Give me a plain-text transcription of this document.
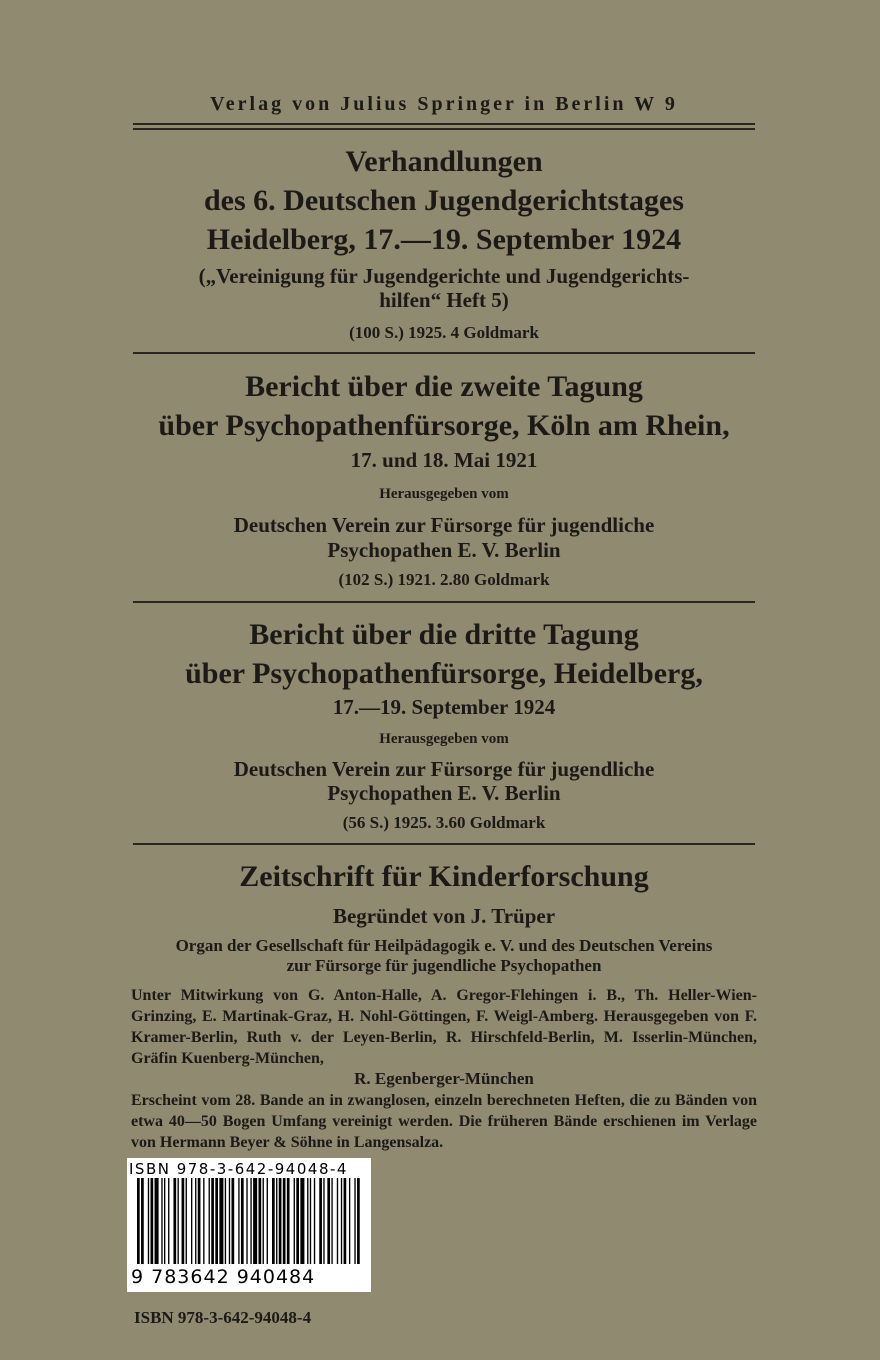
Verlag von Julius Springer in Berlin W 9
Verhandlungen
des 6. Deutschen Jugendgerichtstages
Heidelberg, 17.—19. September 1924
(„Vereinigung für Jugendgerichte und Jugendgerichts-
hilfen“ Heft 5)
(100 S.) 1925. 4 Goldmark
Bericht über die zweite Tagung
über Psychopathenfürsorge, Köln am Rhein,
17. und 18. Mai 1921
Herausgegeben vom
Deutschen Verein zur Fürsorge für jugendliche
Psychopathen E. V. Berlin
(102 S.) 1921. 2.80 Goldmark
Bericht über die dritte Tagung
über Psychopathenfürsorge, Heidelberg,
17.—19. September 1924
Herausgegeben vom
Deutschen Verein zur Fürsorge für jugendliche
Psychopathen E. V. Berlin
(56 S.) 1925. 3.60 Goldmark
Zeitschrift für Kinderforschung
Begründet von J. Trüper
Organ der Gesellschaft für Heilpädagogik e. V. und des Deutschen Vereins
zur Fürsorge für jugendliche Psychopathen
Unter Mitwirkung von G. Anton-Halle, A. Gregor-Flehingen i. B., Th. Heller-Wien-Grinzing, E. Martinak-Graz, H. Nohl-Göttingen, F. Weigl-Amberg. Herausgegeben von F. Kramer-Berlin, Ruth v. der Leyen-Berlin, R. Hirschfeld-Berlin, M. Isserlin-München, Gräfin Kuenberg-München,
R. Egenberger-München
Erscheint vom 28. Bande an in zwanglosen, einzeln berechneten Heften, die zu Bänden von etwa 40—50 Bogen Umfang vereinigt werden. Die früheren Bände erschienen im Verlage von Hermann Beyer & Söhne in Langensalza.
ISBN 978-3-642-94048-4
9 783642 940484
ISBN 978-3-642-94048-4
